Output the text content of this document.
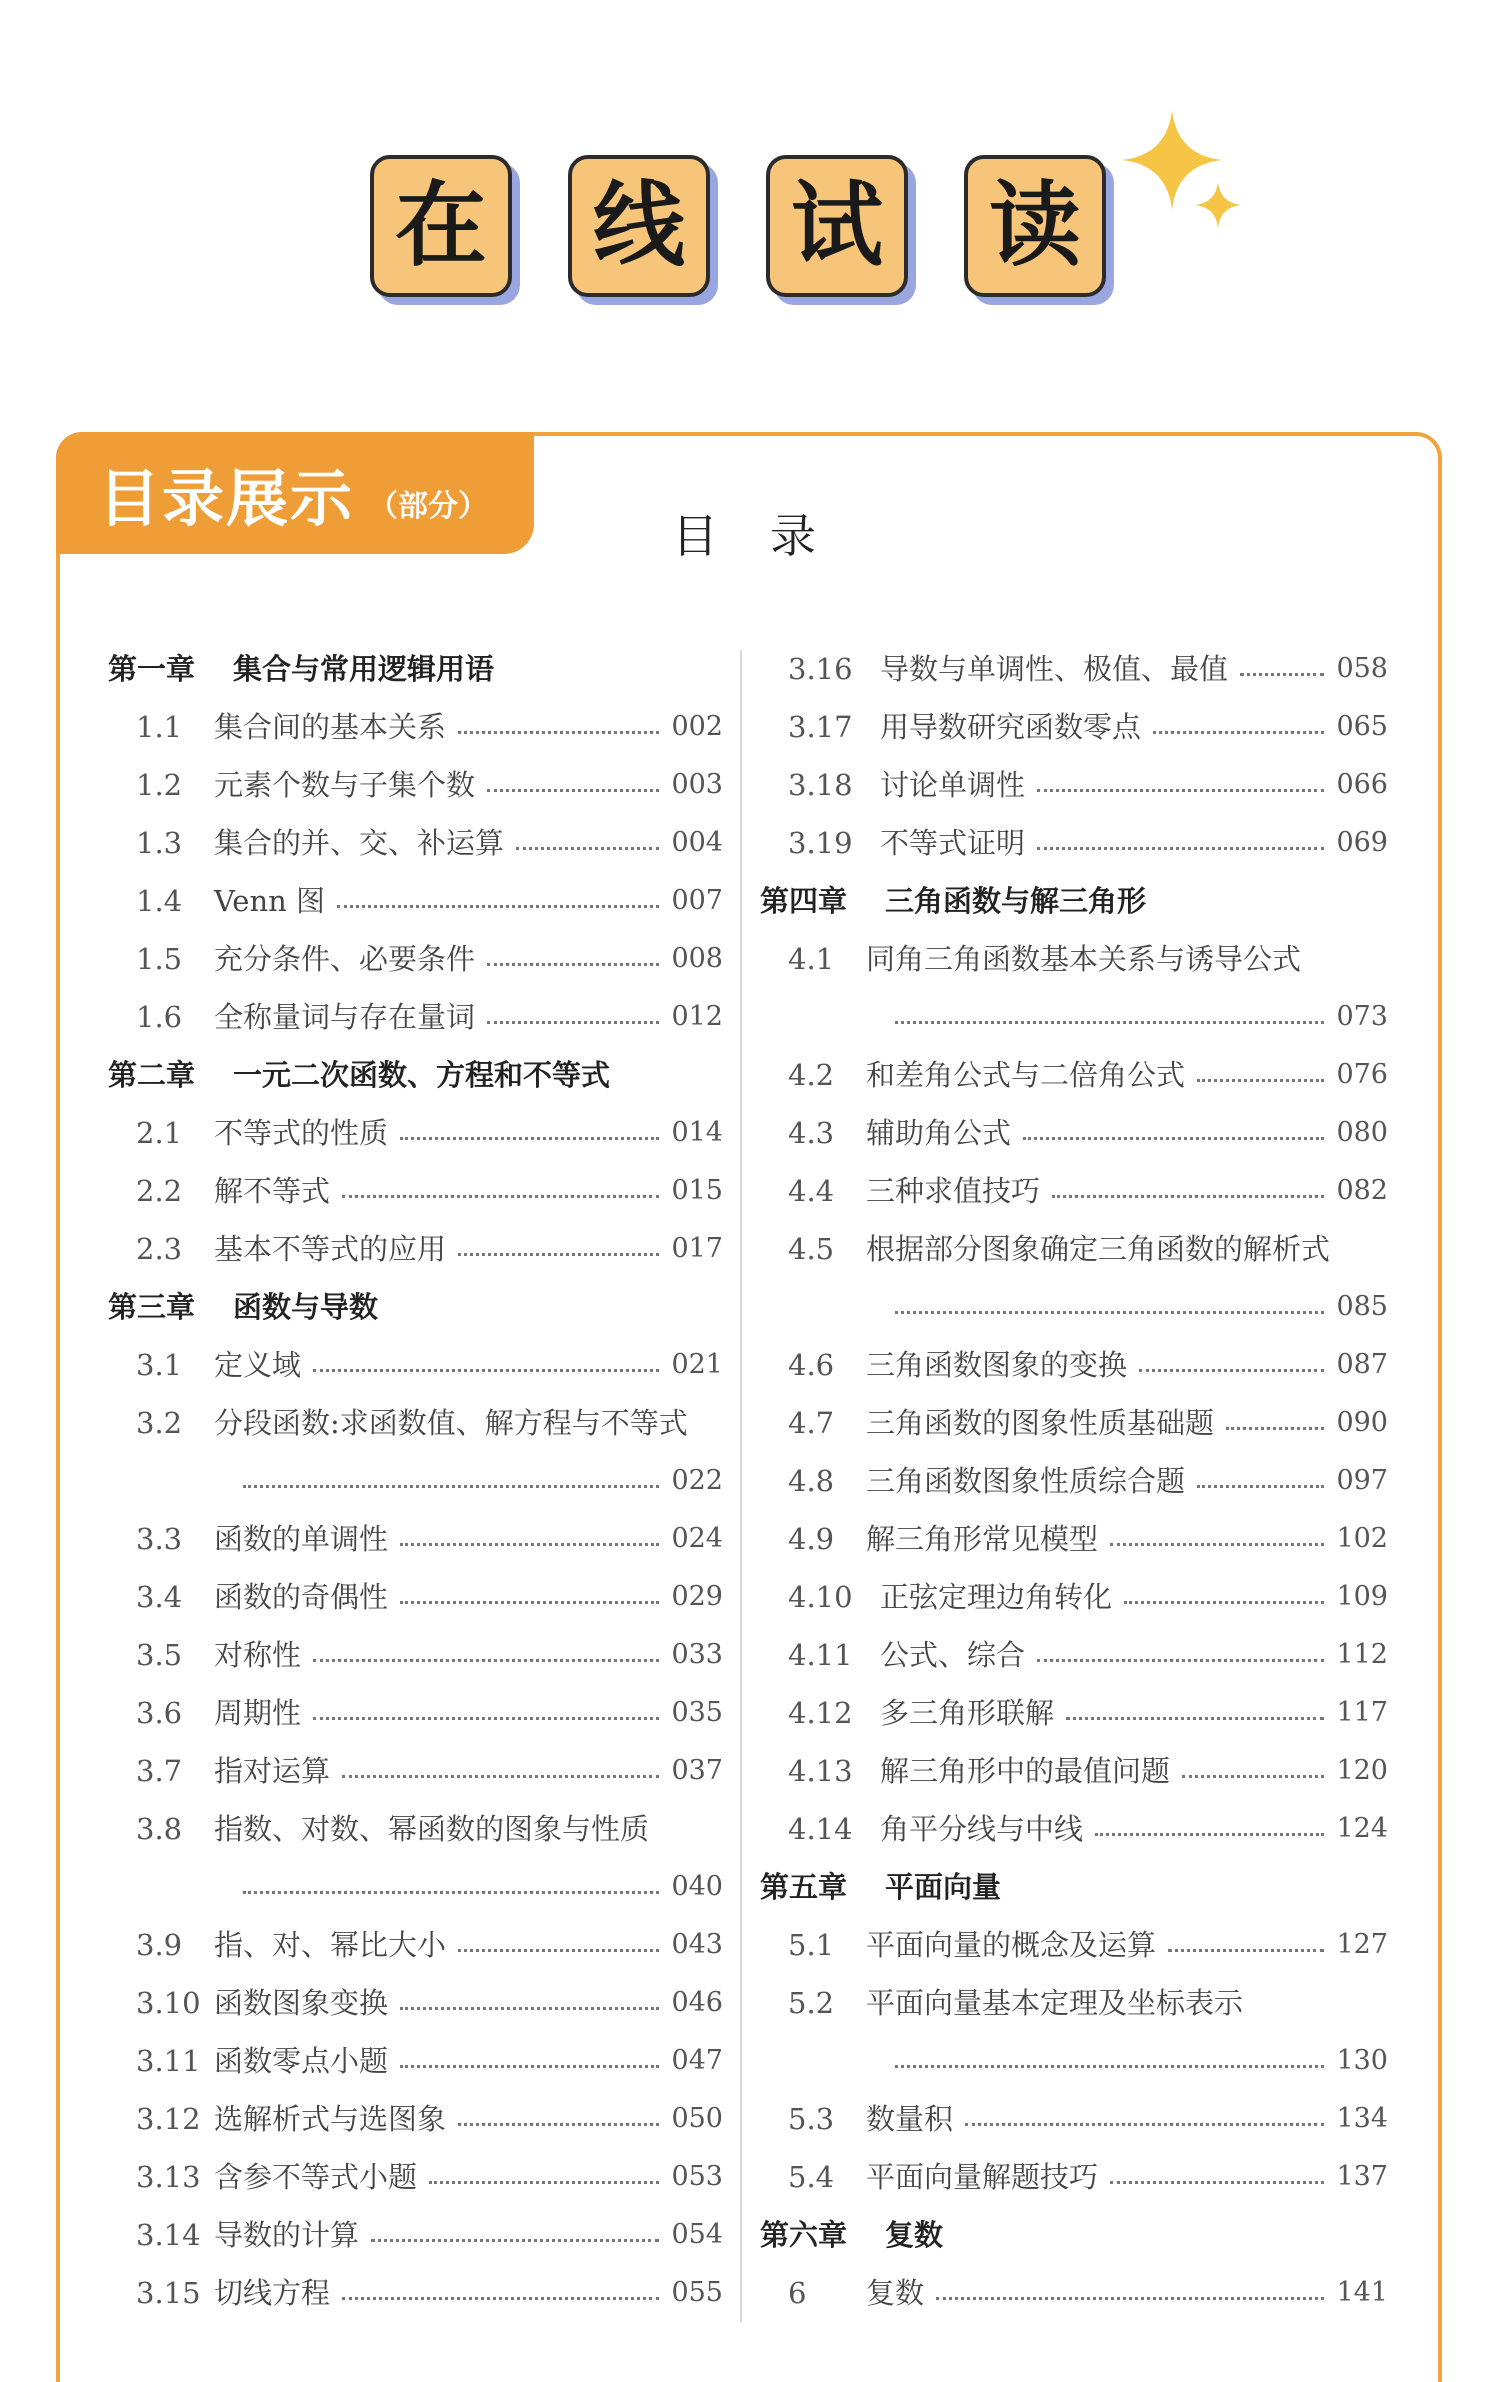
在 线 试 读
目录展示 （部分）
目录
第一章 集合与常用逻辑用语
1.1	集合间的基本关系	002
1.2	元素个数与子集个数	003
1.3	集合的并、交、补运算	004
1.4	Venn 图	007
1.5	充分条件、必要条件	008
1.6	全称量词与存在量词	012
第二章 一元二次函数、方程和不等式
2.1	不等式的性质	014
2.2	解不等式	015
2.3	基本不等式的应用	017
第三章 函数与导数
3.1	定义域	021
3.2	分段函数:求函数值、解方程与不等式
022
3.3	函数的单调性	024
3.4	函数的奇偶性	029
3.5	对称性	033
3.6	周期性	035
3.7	指对运算	037
3.8	指数、对数、幂函数的图象与性质
040
3.9	指、对、幂比大小	043
3.10 函数图象变换	046
3.11 函数零点小题	047
3.12 选解析式与选图象	050
3.13 含参不等式小题	053
3.14 导数的计算	054
3.15 切线方程	055
3.16 导数与单调性、极值、最值	058
3.17 用导数研究函数零点	065
3.18 讨论单调性	066
3.19 不等式证明	069
第四章 三角函数与解三角形
4.1	同角三角函数基本关系与诱导公式
073
4.2	和差角公式与二倍角公式	076
4.3	辅助角公式	080
4.4	三种求值技巧	082
4.5	根据部分图象确定三角函数的解析式
085
4.6	三角函数图象的变换	087
4.7	三角函数的图象性质基础题	090
4.8	三角函数图象性质综合题	097
4.9	解三角形常见模型	102
4.10 正弦定理边角转化	109
4.11 公式、综合	112
4.12 多三角形联解	117
4.13 解三角形中的最值问题	120
4.14 角平分线与中线	124
第五章 平面向量
5.1	平面向量的概念及运算	127
5.2	平面向量基本定理及坐标表示
130
5.3	数量积	134
5.4	平面向量解题技巧	137
第六章 复数
6	复数	141
